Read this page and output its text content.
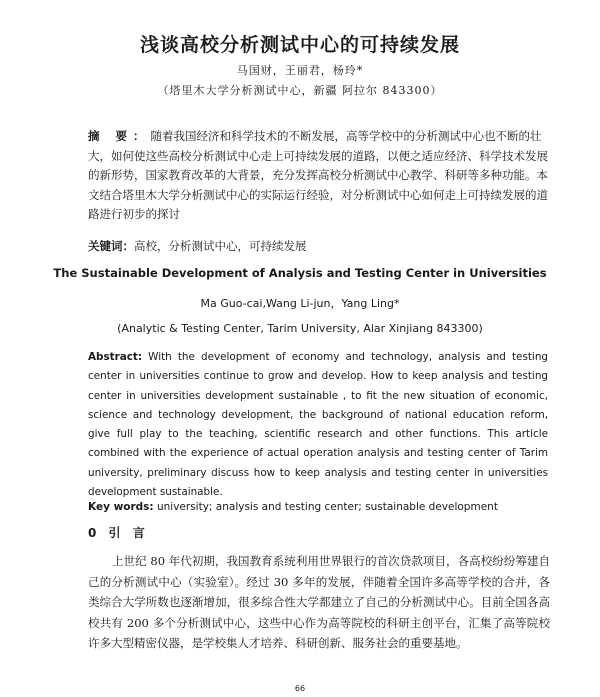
浅谈高校分析测试中心的可持续发展
马国财，王丽君，杨玲*
（塔里木大学分析测试中心，新疆 阿拉尔 843300）

摘 要：随着我国经济和科学技术的不断发展，高等学校中的分析测试中心也不断的壮大，如何使这些高校分析测试中心走上可持续发展的道路，以便之适应经济、科学技术发展的新形势，国家教育改革的大背景，充分发挥高校分析测试中心教学、科研等多种功能。本文结合塔里木大学分析测试中心的实际运行经验，对分析测试中心如何走上可持续发展的道路进行初步的探讨

关键词：高校，分析测试中心，可持续发展

The Sustainable Development of Analysis and Testing Center in Universities
Ma Guo-cai,Wang Li-jun，Yang Ling*
(Analytic & Testing Center, Tarim University, Alar Xinjiang 843300)

Abstract: With the development of economy and technology, analysis and testing center in universities continue to grow and develop. How to keep analysis and testing center in universities development sustainable , to fit the new situation of economic, science and technology development, the background of national education reform, give full play to the teaching, scientific research and other functions. This article combined with the experience of actual operation analysis and testing center of Tarim university, preliminary discuss how to keep analysis and testing center in universities development sustainable.

Key words: university; analysis and testing center; sustainable development

0 引 言

上世纪 80 年代初期，我国教育系统利用世界银行的首次贷款项目，各高校纷纷筹建自己的分析测试中心（实验室）。经过 30 多年的发展，伴随着全国许多高等学校的合并，各类综合大学所数也逐渐增加，很多综合性大学都建立了自己的分析测试中心。目前全国各高校共有 200 多个分析测试中心，这些中心作为高等院校的科研主创平台，汇集了高等院校许多大型精密仪器，是学校集人才培养、科研创新、服务社会的重要基地。

66
